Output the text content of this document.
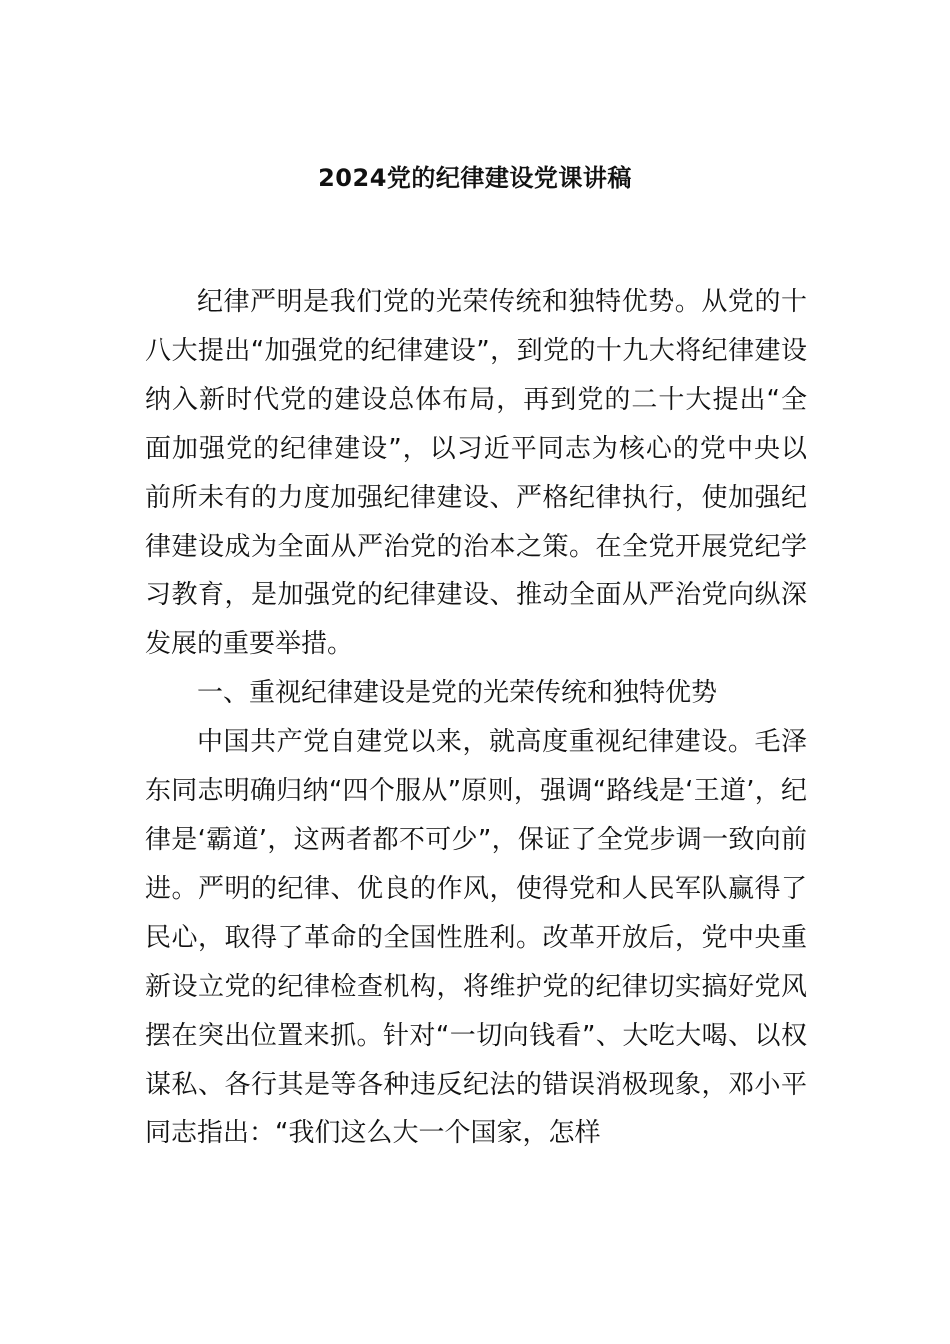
2024党的纪律建设党课讲稿

纪律严明是我们党的光荣传统和独特优势。从党的十八大提出“加强党的纪律建设”，到党的十九大将纪律建设纳入新时代党的建设总体布局，再到党的二十大提出“全面加强党的纪律建设”，以习近平同志为核心的党中央以前所未有的力度加强纪律建设、严格纪律执行，使加强纪律建设成为全面从严治党的治本之策。在全党开展党纪学习教育，是加强党的纪律建设、推动全面从严治党向纵深发展的重要举措。

一、重视纪律建设是党的光荣传统和独特优势

中国共产党自建党以来，就高度重视纪律建设。毛泽东同志明确归纳“四个服从”原则，强调“路线是‘王道’，纪律是‘霸道’，这两者都不可少”，保证了全党步调一致向前进。严明的纪律、优良的作风，使得党和人民军队赢得了民心，取得了革命的全国性胜利。改革开放后，党中央重新设立党的纪律检查机构，将维护党的纪律切实搞好党风摆在突出位置来抓。针对“一切向钱看”、大吃大喝、以权谋私、各行其是等各种违反纪法的错误消极现象，邓小平同志指出：“我们这么大一个国家，怎样
